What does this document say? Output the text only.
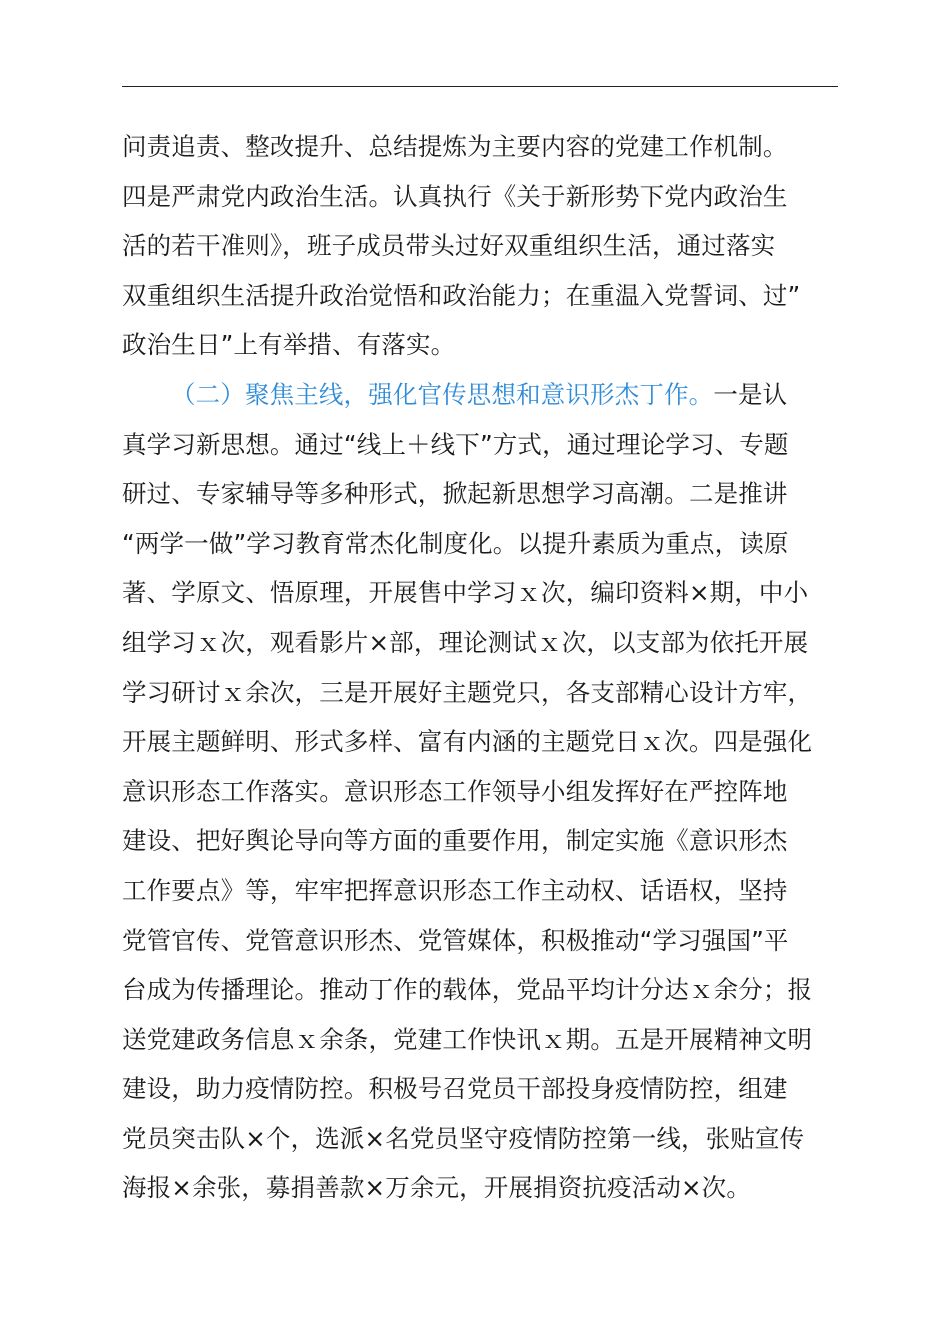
问责追责、整改提升、总结提炼为主要内容的党建工作机制。
四是严肃党内政治生活。认真执行《关于新形势下党内政治生
活的若干准则》，班子成员带头过好双重组织生活，通过落实
双重组织生活提升政治觉悟和政治能力；在重温入党誓词、过”
政治生日”上有举措、有落实。
（二）聚焦主线，强化官传思想和意识形杰丁作。一是认
真学习新思想。通过“线上＋线下”方式，通过理论学习、专题
研过、专家辅导等多种形式，掀起新思想学习高潮。二是推讲
“两学一做”学习教育常杰化制度化。以提升素质为重点，读原
著、学原文、悟原理，开展售中学习ｘ次，编印资料×期，中小
组学习ｘ次，观看影片×部，理论测试ｘ次，以支部为依托开展
学习研讨ｘ余次，三是开展好主题党只，各支部精心设计方牢，
开展主题鲜明、形式多样、富有内涵的主题党日ｘ次。四是强化
意识形态工作落实。意识形态工作领导小组发挥好在严控阵地
建设、把好舆论导向等方面的重要作用，制定实施《意识形杰
工作要点》等，牢牢把挥意识形态工作主动权、话语权，坚持
党管官传、党管意识形杰、党管媒体，积极推动“学习强国”平
台成为传播理论。推动丁作的载体，党品平均计分达ｘ余分；报
送党建政务信息ｘ余条，党建工作快讯ｘ期。五是开展精神文明
建设，助力疫情防控。积极号召党员干部投身疫情防控，组建
党员突击队×个，选派×名党员坚守疫情防控第一线，张贴宣传
海报×余张，募捐善款×万余元，开展捐资抗疫活动×次。
